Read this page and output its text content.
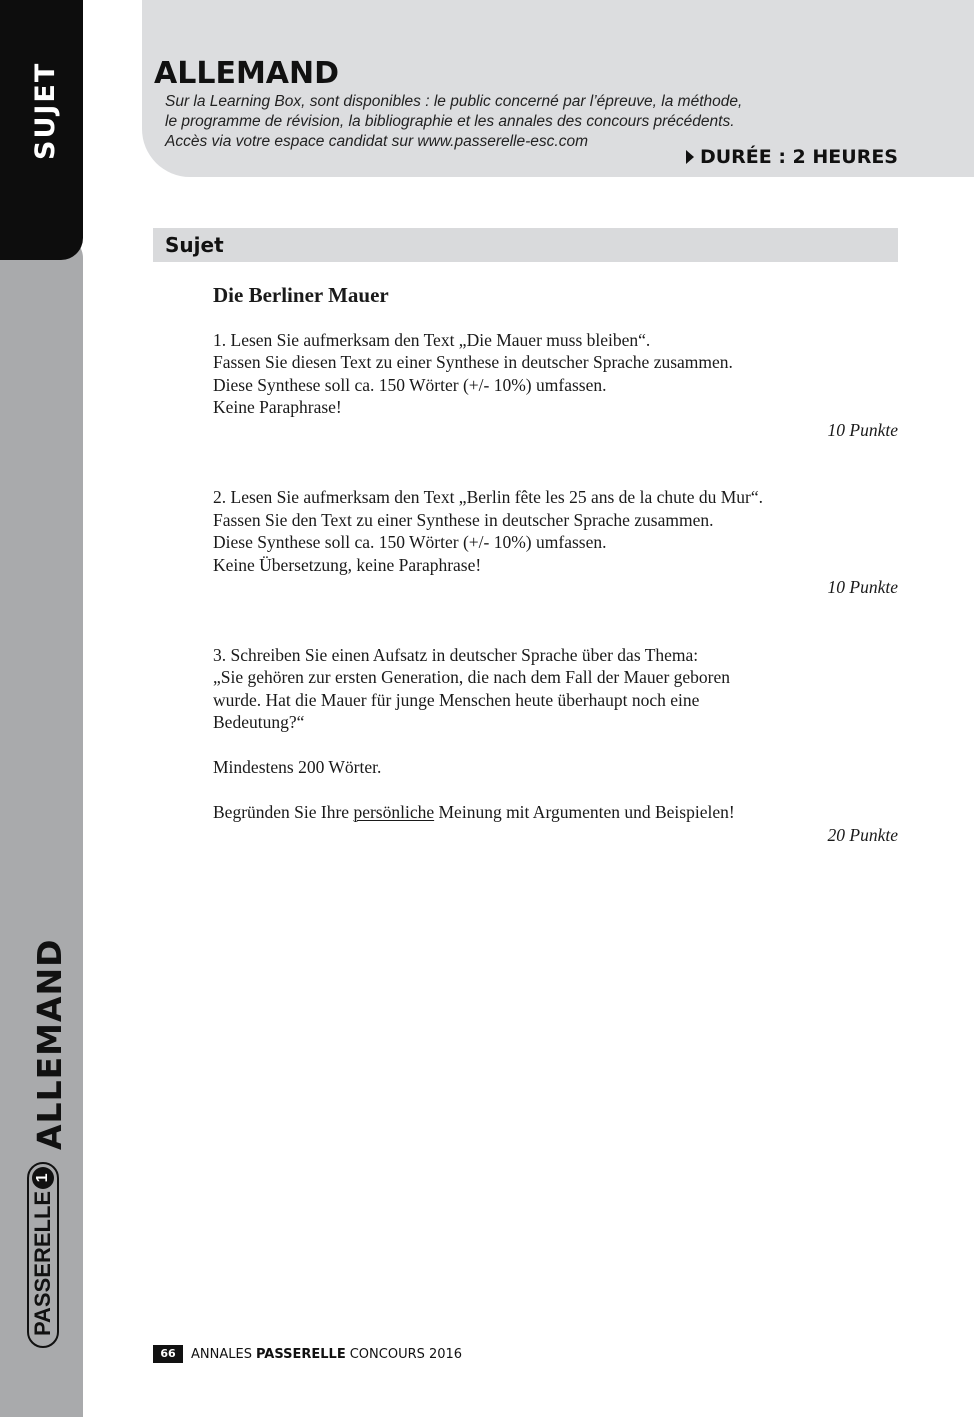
SUJET
ALLEMAND
PASSERELLE
1
ALLEMAND
Sur la Learning Box, sont disponibles : le public concerné par l’épreuve, la méthode,
le programme de révision, la bibliographie et les annales des concours précédents.
Accès via votre espace candidat sur www.passerelle-esc.com
DURÉE : 2 HEURES
Sujet
Die Berliner Mauer
1. Lesen Sie aufmerksam den Text „Die Mauer muss bleiben“.
Fassen Sie diesen Text zu einer Synthese in deutscher Sprache zusammen.
Diese Synthese soll ca. 150 Wörter (+/- 10%) umfassen.
Keine Paraphrase!
10 Punkte
2. Lesen Sie aufmerksam den Text „Berlin fête les 25 ans de la chute du Mur“.
Fassen Sie den Text zu einer Synthese in deutscher Sprache zusammen.
Diese Synthese soll ca. 150 Wörter (+/- 10%) umfassen.
Keine Übersetzung, keine Paraphrase!
10 Punkte
3. Schreiben Sie einen Aufsatz in deutscher Sprache über das Thema:
„Sie gehören zur ersten Generation, die nach dem Fall der Mauer geboren
wurde. Hat die Mauer für junge Menschen heute überhaupt noch eine
Bedeutung?“
Mindestens 200 Wörter.
Begründen Sie Ihre persönliche Meinung mit Argumenten und Beispielen!
20 Punkte
66	ANNALES PASSERELLE CONCOURS 2016
